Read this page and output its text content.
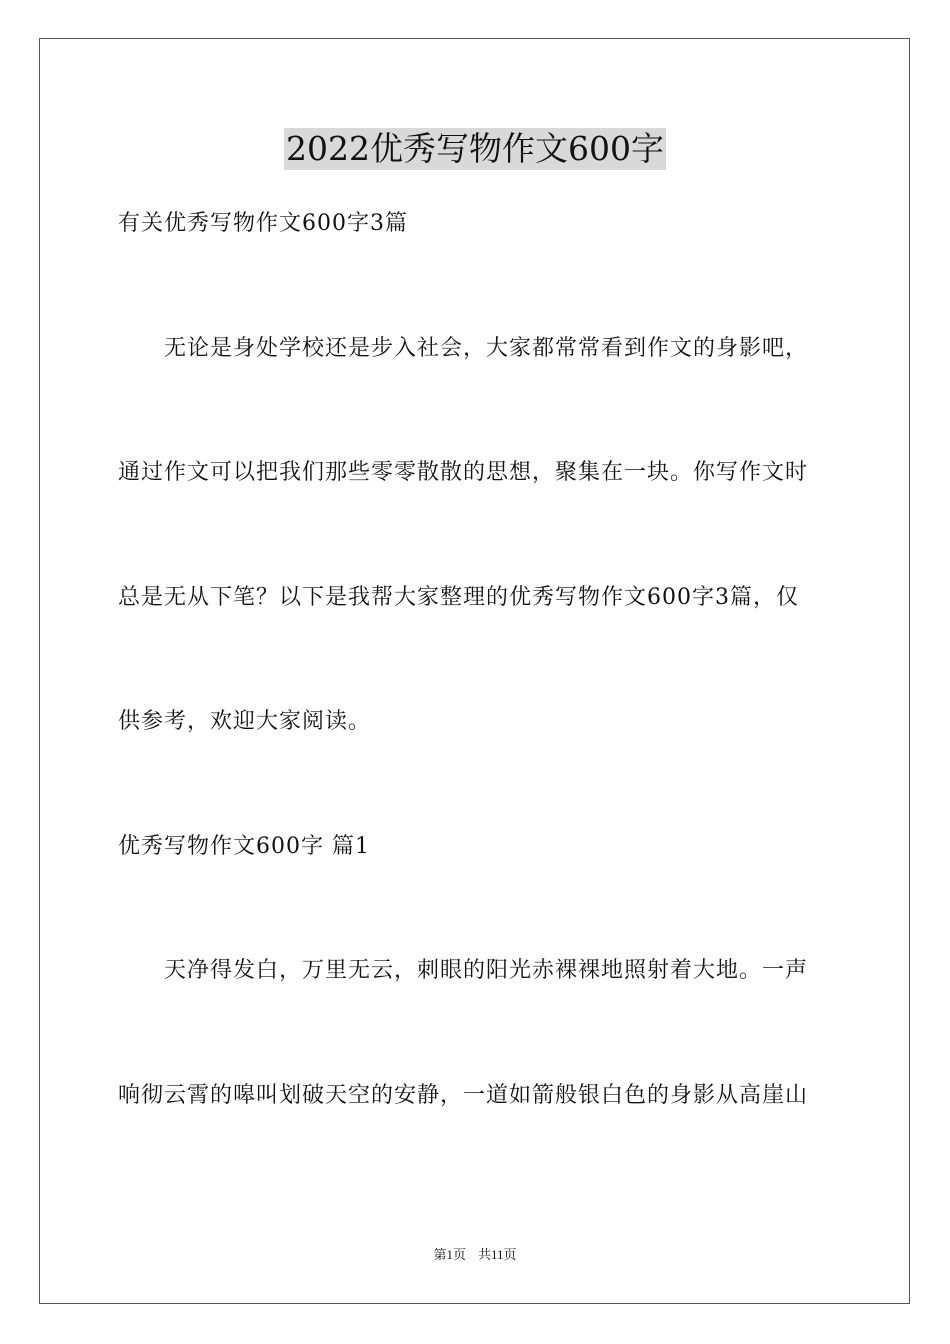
2022优秀写物作文600字
有关优秀写物作文600字3篇
无论是身处学校还是步入社会，大家都常常看到作文的身影吧，
通过作文可以把我们那些零零散散的思想，聚集在一块。你写作文时
总是无从下笔？以下是我帮大家整理的优秀写物作文600字3篇，仅
供参考，欢迎大家阅读。
优秀写物作文600字 篇1
天净得发白，万里无云，刺眼的阳光赤裸裸地照射着大地。一声
响彻云霄的嗥叫划破天空的安静，一道如箭般银白色的身影从高崖山
第1页 共11页
